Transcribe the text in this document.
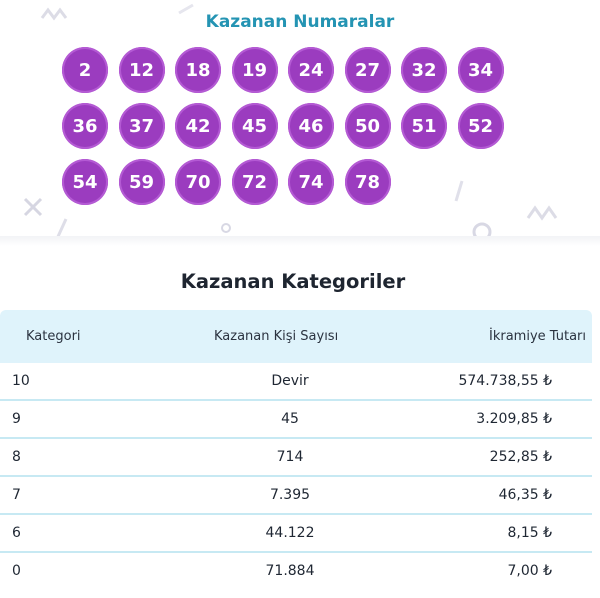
Kazanan Numaralar
2	12	18	19	24	27	32	34
36	37	42	45	46	50	51	52
54	59	70	72	74	78
Kazanan Kategoriler
Kategori	Kazanan Kişi Sayısı	İkramiye Tutarı
10	Devir	574.738,55 ₺
9	45	3.209,85 ₺
8	714	252,85 ₺
7	7.395	46,35 ₺
6	44.122	8,15 ₺
0	71.884	7,00 ₺
